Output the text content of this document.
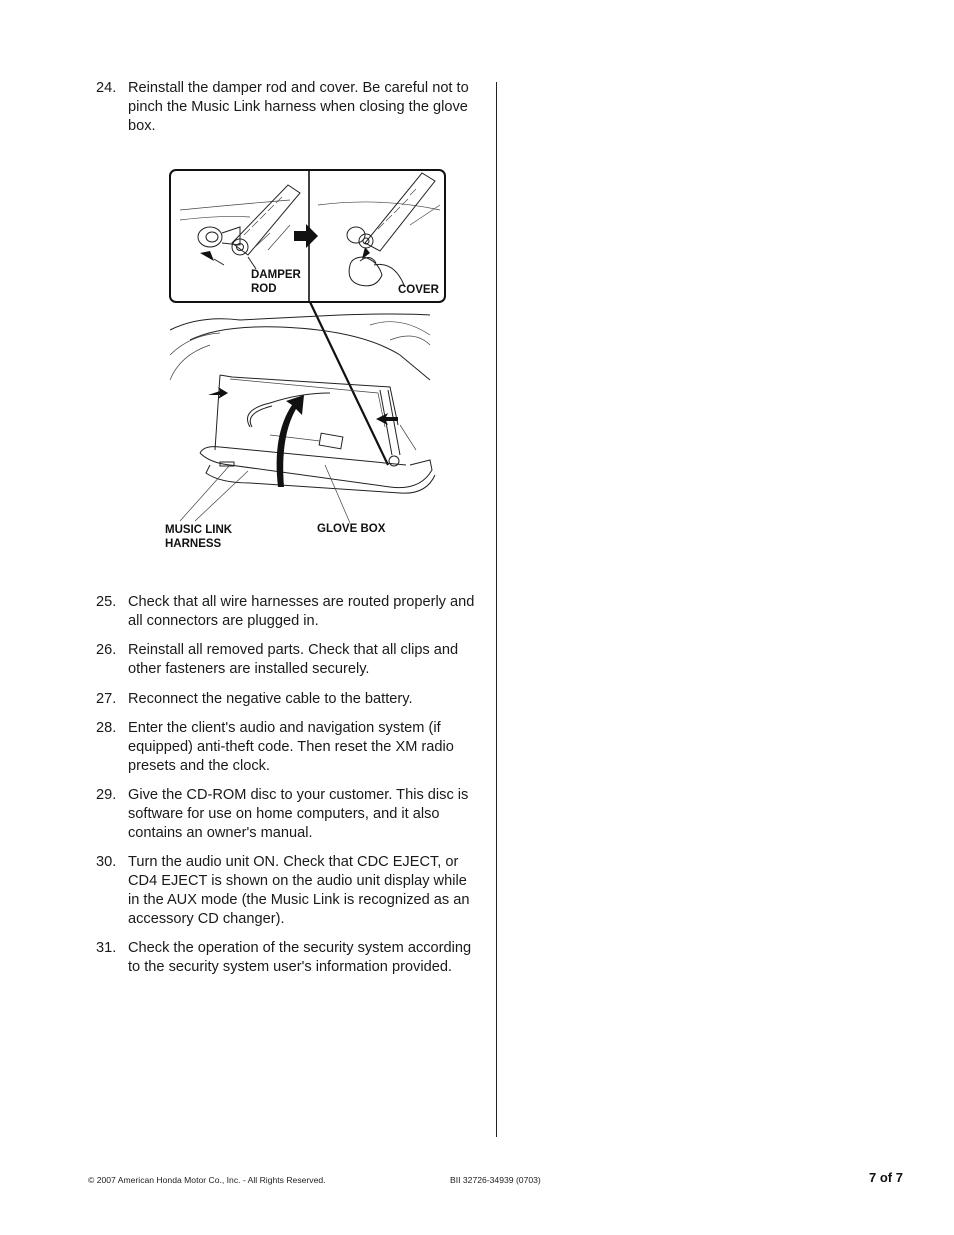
24. Reinstall the damper rod and cover. Be careful not to pinch the Music Link harness when closing the glove box.
DAMPER
ROD	COVER
MUSIC LINK
HARNESS
GLOVE BOX
25. Check that all wire harnesses are routed properly and all connectors are plugged in.
26. Reinstall all removed parts. Check that all clips and other fasteners are installed securely.
27. Reconnect the negative cable to the battery.
28. Enter the client's audio and navigation system (if equipped) anti-theft code. Then reset the XM radio presets and the clock.
29. Give the CD-ROM disc to your customer. This disc is software for use on home computers, and it also contains an owner's manual.
30. Turn the audio unit ON. Check that CDC EJECT, or CD4 EJECT is shown on the audio unit display while in the AUX mode (the Music Link is recognized as an accessory CD changer).
31. Check the operation of the security system according to the security system user's information provided.
© 2007 American Honda Motor Co., Inc. - All Rights Reserved.	BII 32726-34939 (0703)	7 of 7
